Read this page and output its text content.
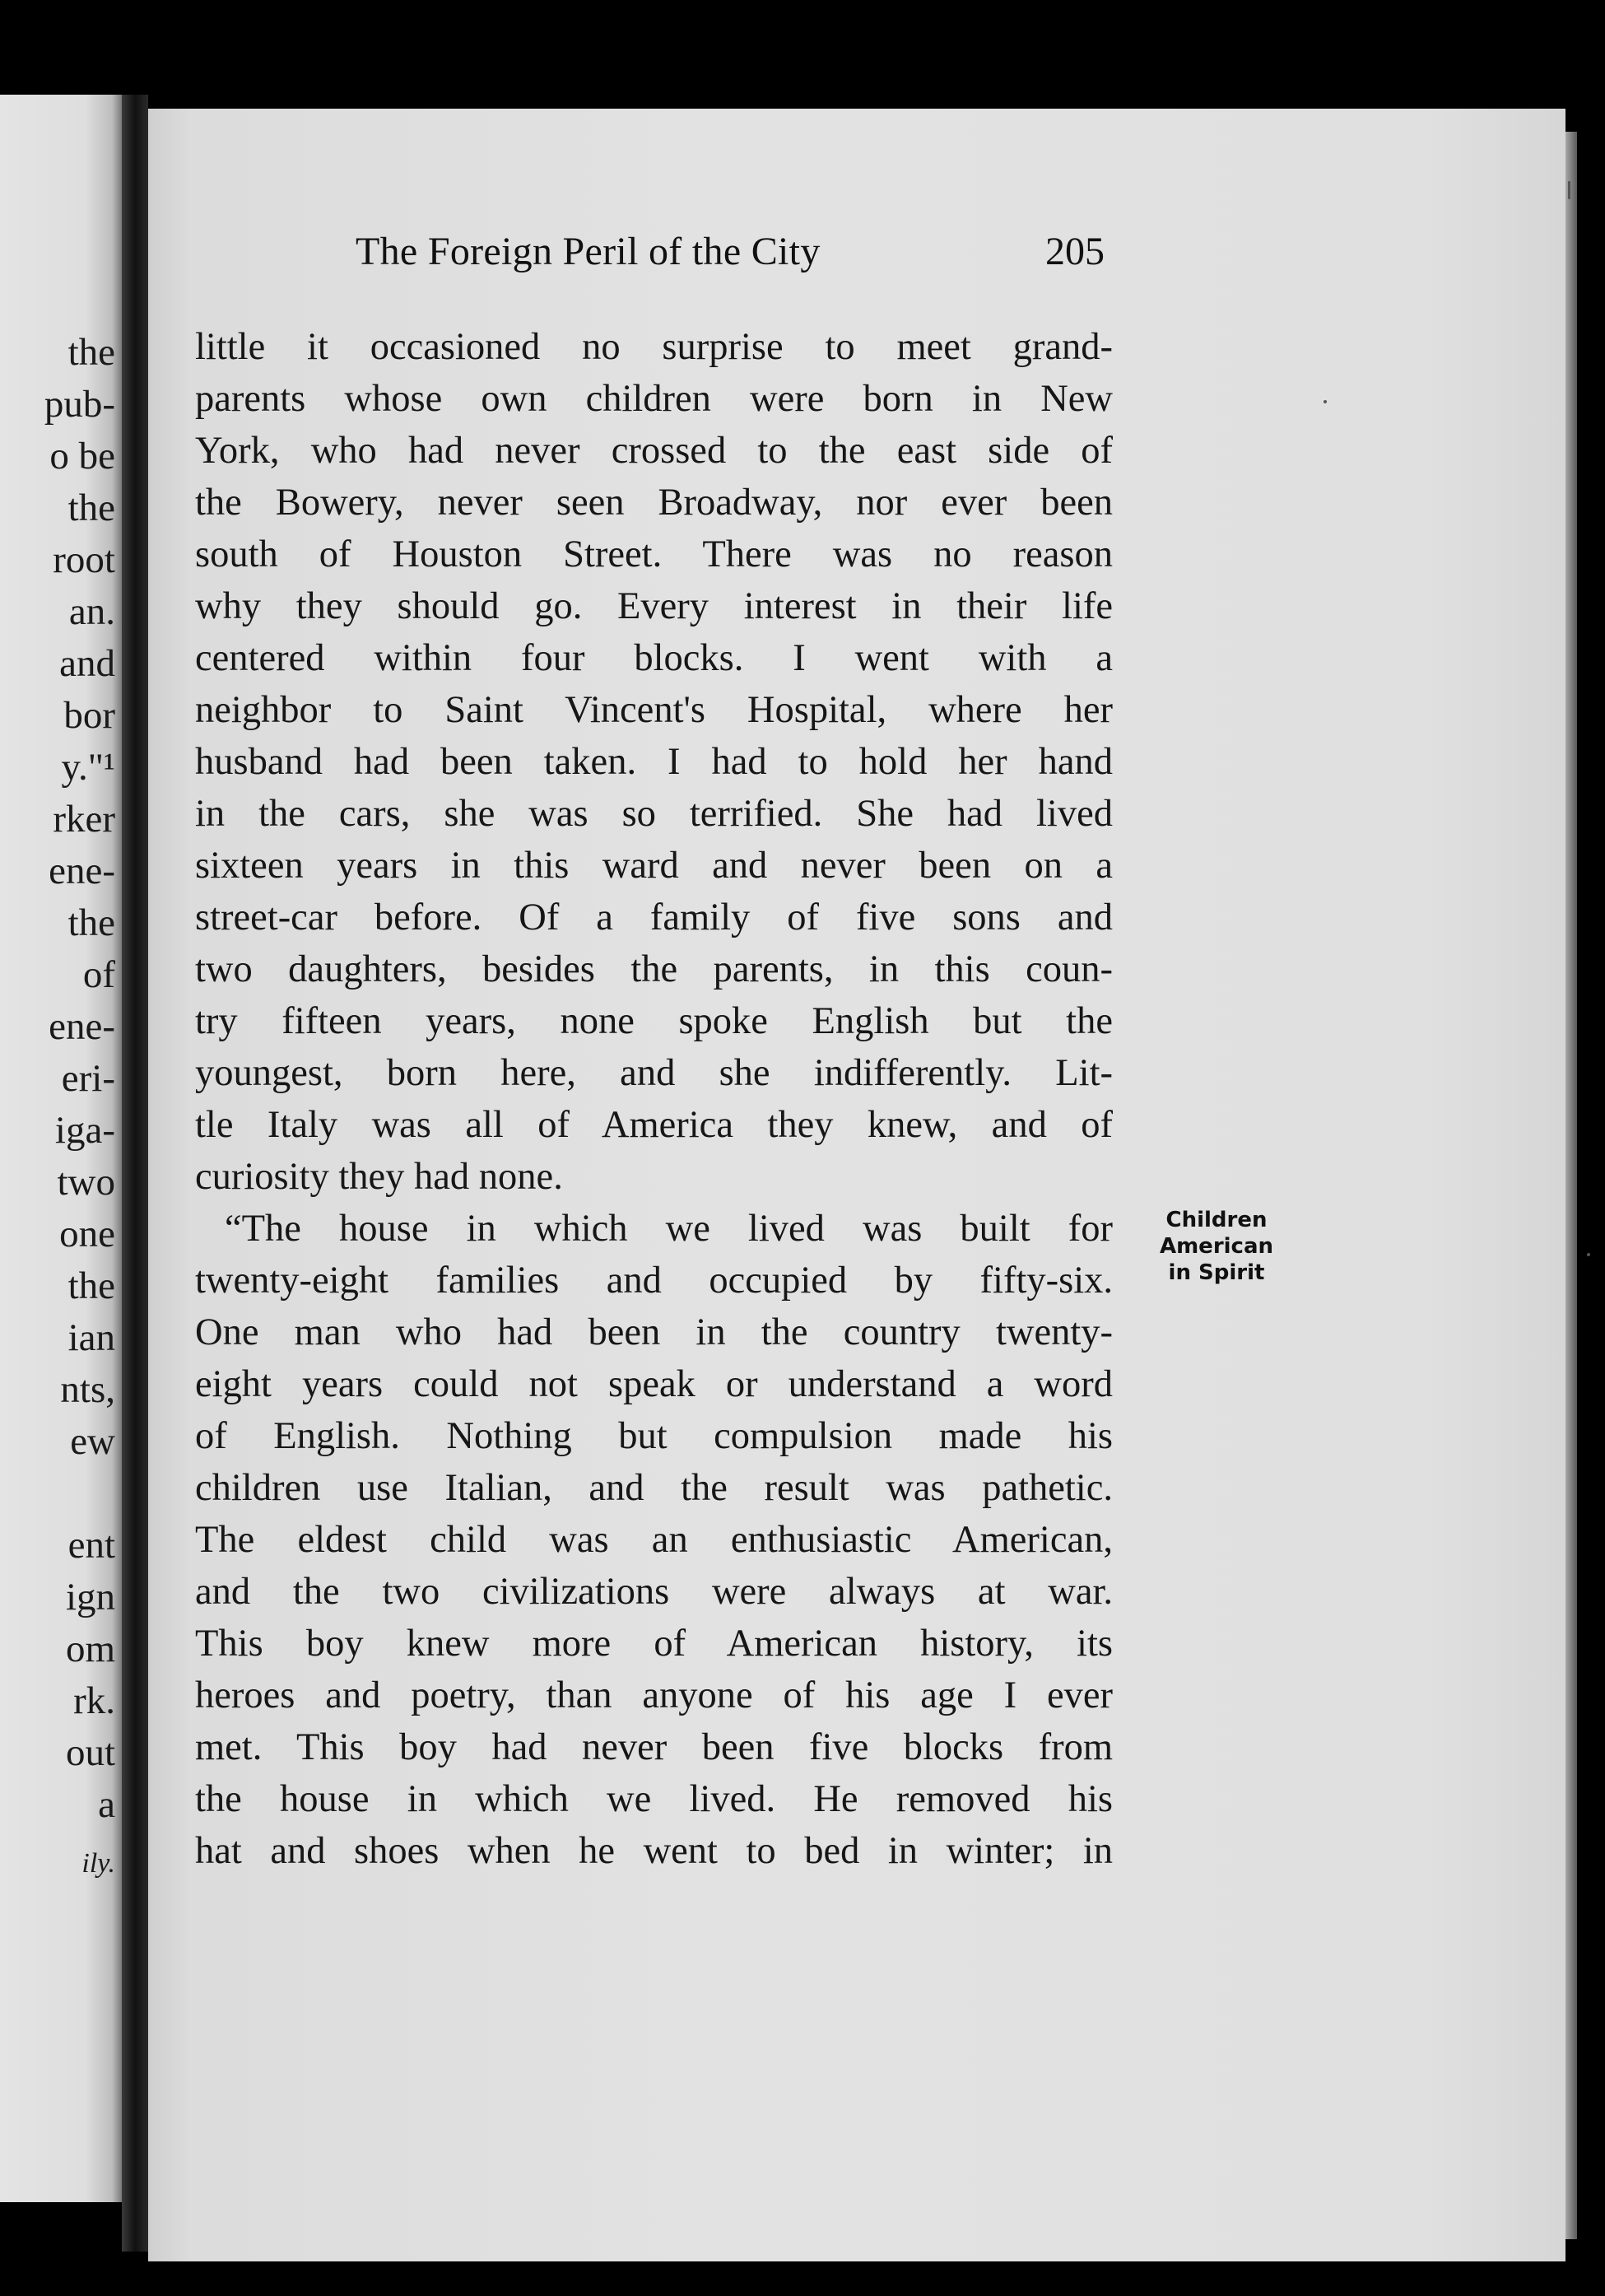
the
pub-
o be
the
root
an.
and
bor
y."¹
rker
ene-
the
of
ene-
eri-
iga-
two
one
the
ian
nts,
ew
ent
ign
om
rk.
out
a
ily.
The Foreign Peril of the City	205
little it occasioned no surprise to meet grand-
parents whose own children were born in New
York, who had never crossed to the east side of
the Bowery, never seen Broadway, nor ever been
south of Houston Street. There was no reason
why they should go. Every interest in their life
centered within four blocks. I went with a
neighbor to Saint Vincent's Hospital, where her
husband had been taken. I had to hold her hand
in the cars, she was so terrified. She had lived
sixteen years in this ward and never been on a
street-car before. Of a family of five sons and
two daughters, besides the parents, in this coun-
try fifteen years, none spoke English but the
youngest, born here, and she indifferently. Lit-
tle Italy was all of America they knew, and of
curiosity they had none.
“The house in which we lived was built for
twenty-eight families and occupied by fifty-six.
One man who had been in the country twenty-
eight years could not speak or understand a word
of English. Nothing but compulsion made his
children use Italian, and the result was pathetic.
The eldest child was an enthusiastic American,
and the two civilizations were always at war.
This boy knew more of American history, its
heroes and poetry, than anyone of his age I ever
met. This boy had never been five blocks from
the house in which we lived. He removed his
hat and shoes when he went to bed in winter; in
Children
American
in Spirit
